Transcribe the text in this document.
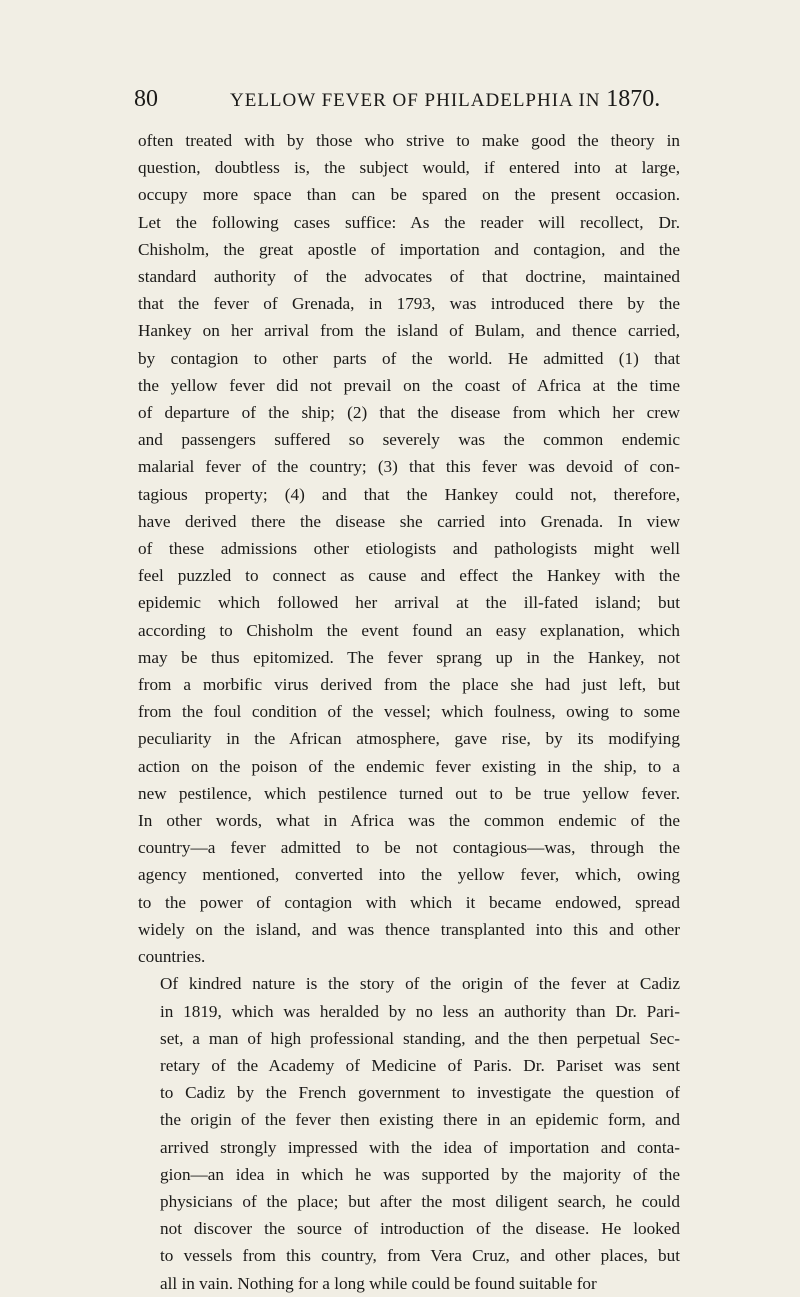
80	YELLOW FEVER OF PHILADELPHIA IN 1870.

often treated with by those who strive to make good the theory in
question, doubtless is, the subject would, if entered into at large,
occupy more space than can be spared on the present occasion.
Let the following cases suffice: As the reader will recollect, Dr.
Chisholm, the great apostle of importation and contagion, and the
standard authority of the advocates of that doctrine, maintained
that the fever of Grenada, in 1793, was introduced there by the
Hankey on her arrival from the island of Bulam, and thence carried,
by contagion to other parts of the world. He admitted (1) that
the yellow fever did not prevail on the coast of Africa at the time
of departure of the ship; (2) that the disease from which her crew
and passengers suffered so severely was the common endemic
malarial fever of the country; (3) that this fever was devoid of con-
tagious property; (4) and that the Hankey could not, therefore,
have derived there the disease she carried into Grenada. In view
of these admissions other etiologists and pathologists might well
feel puzzled to connect as cause and effect the Hankey with the
epidemic which followed her arrival at the ill-fated island; but
according to Chisholm the event found an easy explanation, which
may be thus epitomized. The fever sprang up in the Hankey, not
from a morbific virus derived from the place she had just left, but
from the foul condition of the vessel; which foulness, owing to some
peculiarity in the African atmosphere, gave rise, by its modifying
action on the poison of the endemic fever existing in the ship, to a
new pestilence, which pestilence turned out to be true yellow fever.
In other words, what in Africa was the common endemic of the
country—a fever admitted to be not contagious—was, through the
agency mentioned, converted into the yellow fever, which, owing
to the power of contagion with which it became endowed, spread
widely on the island, and was thence transplanted into this and other
countries.

Of kindred nature is the story of the origin of the fever at Cadiz
in 1819, which was heralded by no less an authority than Dr. Pari-
set, a man of high professional standing, and the then perpetual Sec-
retary of the Academy of Medicine of Paris. Dr. Pariset was sent
to Cadiz by the French government to investigate the question of
the origin of the fever then existing there in an epidemic form, and
arrived strongly impressed with the idea of importation and conta-
gion—an idea in which he was supported by the majority of the
physicians of the place; but after the most diligent search, he could
not discover the source of introduction of the disease. He looked
to vessels from this country, from Vera Cruz, and other places, but
all in vain. Nothing for a long while could be found suitable for
